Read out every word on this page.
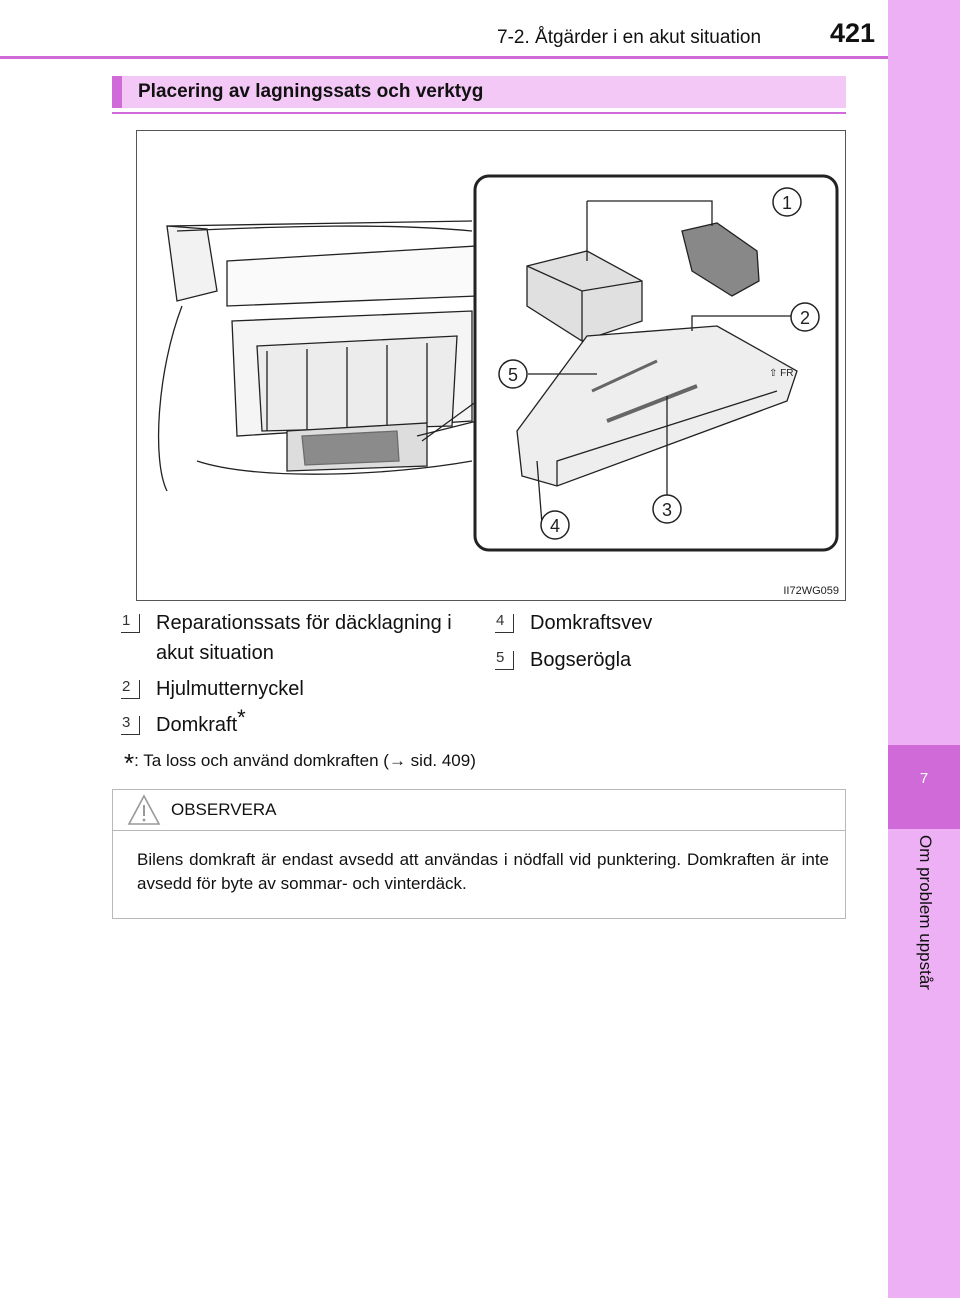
7
Om problem uppstår
7-2. Åtgärder i en akut situation	421
Placering av lagningssats och verktyg
1
2
3
4
5	⇧ FR
II72WG059
1 Reparationssats för däcklagning i akut situation
2 Hjulmutternyckel
3 Domkraft*
4 Domkraftsvev
5 Bogserögla
*: Ta loss och använd domkraften (→ sid. 409)
OBSERVERA
Bilens domkraft är endast avsedd att användas i nödfall vid punktering. Domkraften är inte avsedd för byte av sommar- och vinterdäck.
